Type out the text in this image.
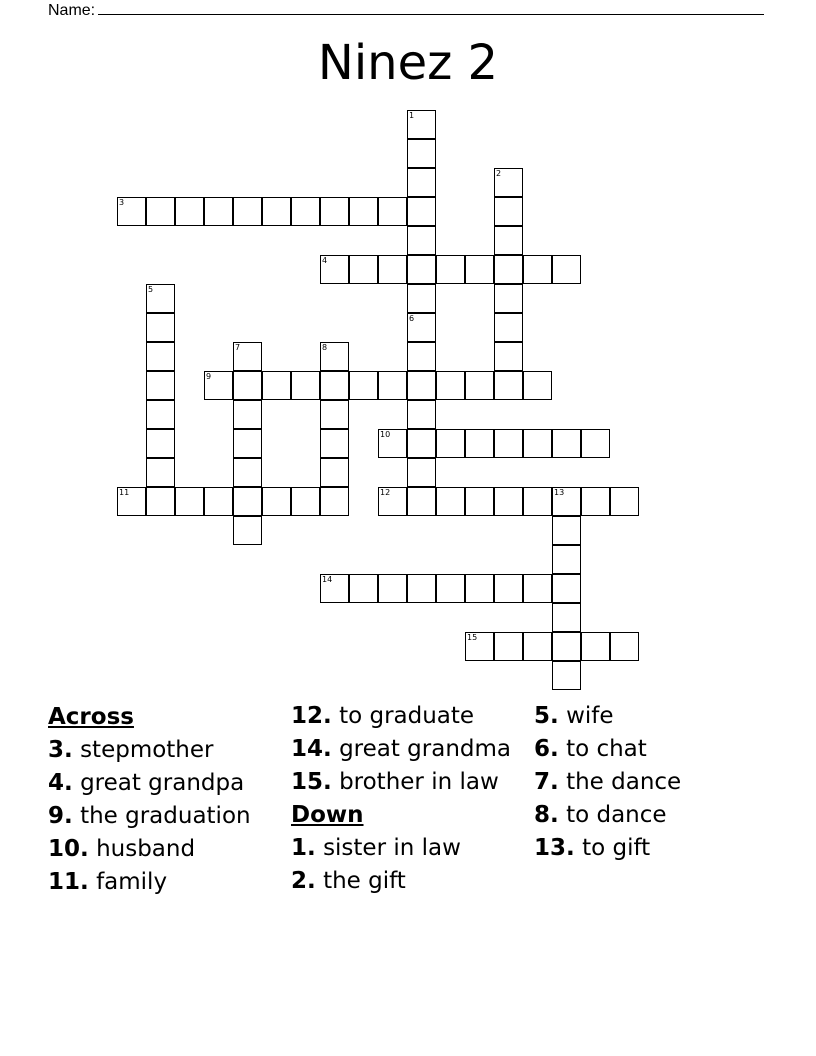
Name:
Ninez 2
1
2
3
4
5
6
7	8
9
10
11	12	13
14
15
Across
3. stepmother
4. great grandpa
9. the graduation
10. husband
11. family
12. to graduate
14. great grandma
15. brother in law
Down
1. sister in law
2. the gift
5. wife
6. to chat
7. the dance
8. to dance
13. to gift
